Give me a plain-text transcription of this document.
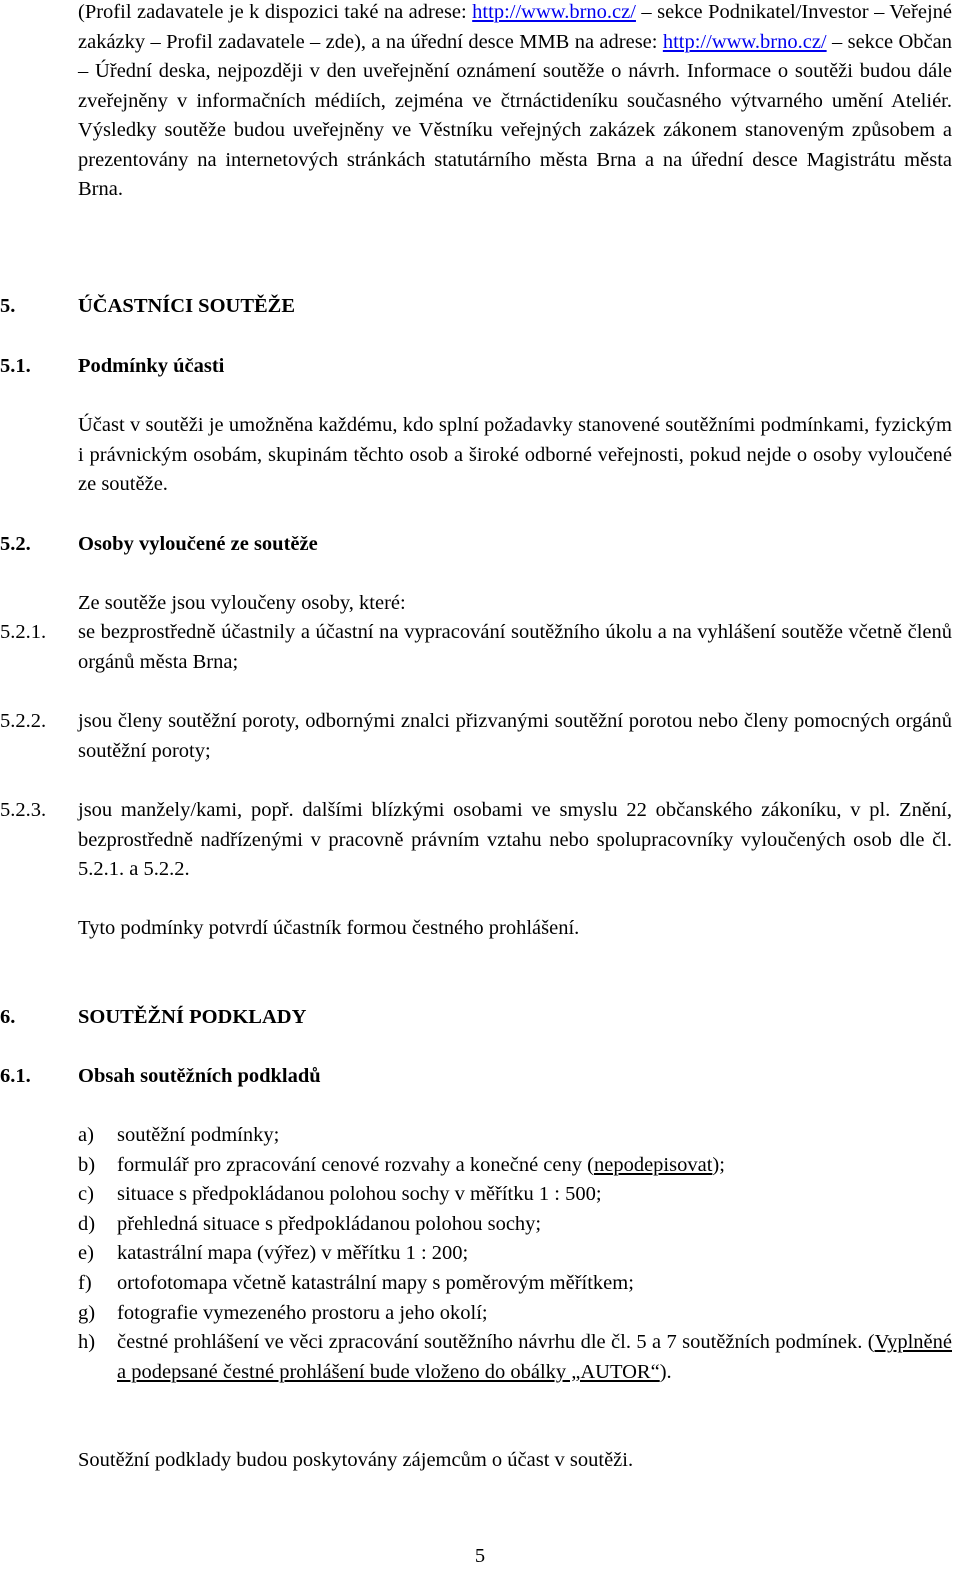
(Profil zadavatele je k dispozici také na adrese: http://www.brno.cz/ – sekce Podnikatel/Investor – Veřejné zakázky – Profil zadavatele – zde), a na úřední desce MMB na adrese: http://www.brno.cz/ – sekce Občan – Úřední deska, nejpozději v den uveřejnění oznámení soutěže o návrh. Informace o soutěži budou dále zveřejněny v informačních médiích, zejména ve čtrnáctideníku současného výtvarného umění Ateliér. Výsledky soutěže budou uveřejněny ve Věstníku veřejných zakázek zákonem stanoveným způsobem a prezentovány na internetových stránkách statutárního města Brna a na úřední desce Magistrátu města Brna.
5.	ÚČASTNÍCI SOUTĚŽE
5.1. Podmínky účasti
Účast v soutěži je umožněna každému, kdo splní požadavky stanovené soutěžními podmínkami, fyzickým i právnickým osobám, skupinám těchto osob a široké odborné veřejnosti, pokud nejde o osoby vyloučené ze soutěže.
5.2. Osoby vyloučené ze soutěže
Ze soutěže jsou vyloučeny osoby, které:
5.2.1. se bezprostředně účastnily a účastní na vypracování soutěžního úkolu a na vyhlášení soutěže včetně členů orgánů města Brna;
5.2.2. jsou členy soutěžní poroty, odbornými znalci přizvanými soutěžní porotou nebo členy pomocných orgánů soutěžní poroty;
5.2.3. jsou manžely/kami, popř. dalšími blízkými osobami ve smyslu 22 občanského zákoníku, v pl. Znění, bezprostředně nadřízenými v pracovně právním vztahu nebo spolupracovníky vyloučených osob dle čl. 5.2.1. a 5.2.2.
Tyto podmínky potvrdí účastník formou čestného prohlášení.
6.	SOUTĚŽNÍ PODKLADY
6.1. Obsah soutěžních podkladů
a) soutěžní podmínky;
b) formulář pro zpracování cenové rozvahy a konečné ceny (nepodepisovat);
c) situace s předpokládanou polohou sochy v měřítku 1 : 500;
d) přehledná situace s předpokládanou polohou sochy;
e) katastrální mapa (výřez) v měřítku 1 : 200;
f) ortofotomapa včetně katastrální mapy s poměrovým měřítkem;
g) fotografie vymezeného prostoru a jeho okolí;
h) čestné prohlášení ve věci zpracování soutěžního návrhu dle čl. 5 a 7 soutěžních podmínek. (Vyplněné a podepsané čestné prohlášení bude vloženo do obálky „AUTOR“).
Soutěžní podklady budou poskytovány zájemcům o účast v soutěži.
5
